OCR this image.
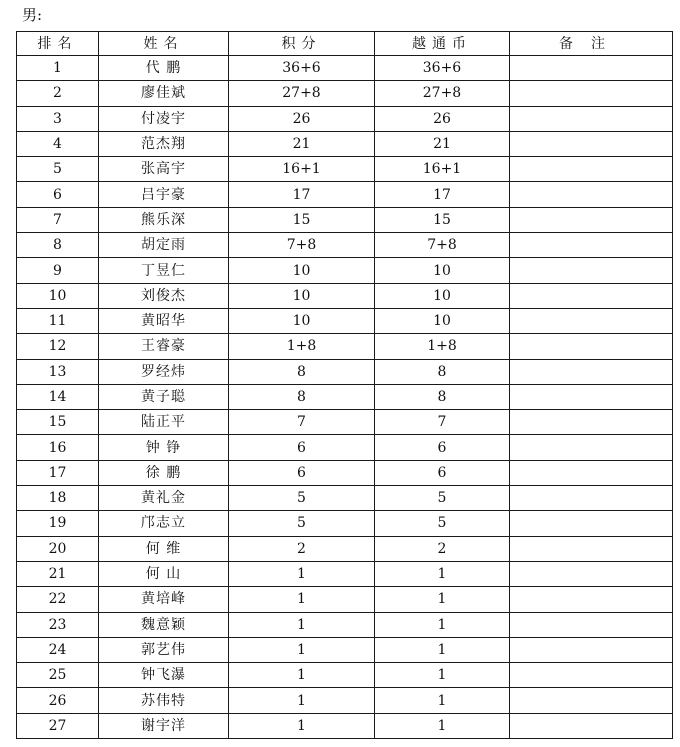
男:
排名	姓名	积分	越通币	备注
1	代 鹏	36+6	36+6	
2	廖佳斌	27+8	27+8	
3	付凌宇	26	26	
4	范杰翔	21	21	
5	张高宇	16+1	16+1	
6	吕宇豪	17	17	
7	熊乐深	15	15	
8	胡定雨	7+8	7+8	
9	丁昱仁	10	10	
10	刘俊杰	10	10	
11	黄昭华	10	10	
12	王睿豪	1+8	1+8	
13	罗经炜	8	8	
14	黄子聪	8	8	
15	陆正平	7	7	
16	钟 铮	6	6	
17	徐 鹏	6	6	
18	黄礼金	5	5	
19	邝志立	5	5	
20	何 维	2	2	
21	何 山	1	1	
22	黄培峰	1	1	
23	魏意颖	1	1	
24	郭艺伟	1	1	
25	钟飞瀑	1	1	
26	苏伟特	1	1	
27	谢宇洋	1	1	
